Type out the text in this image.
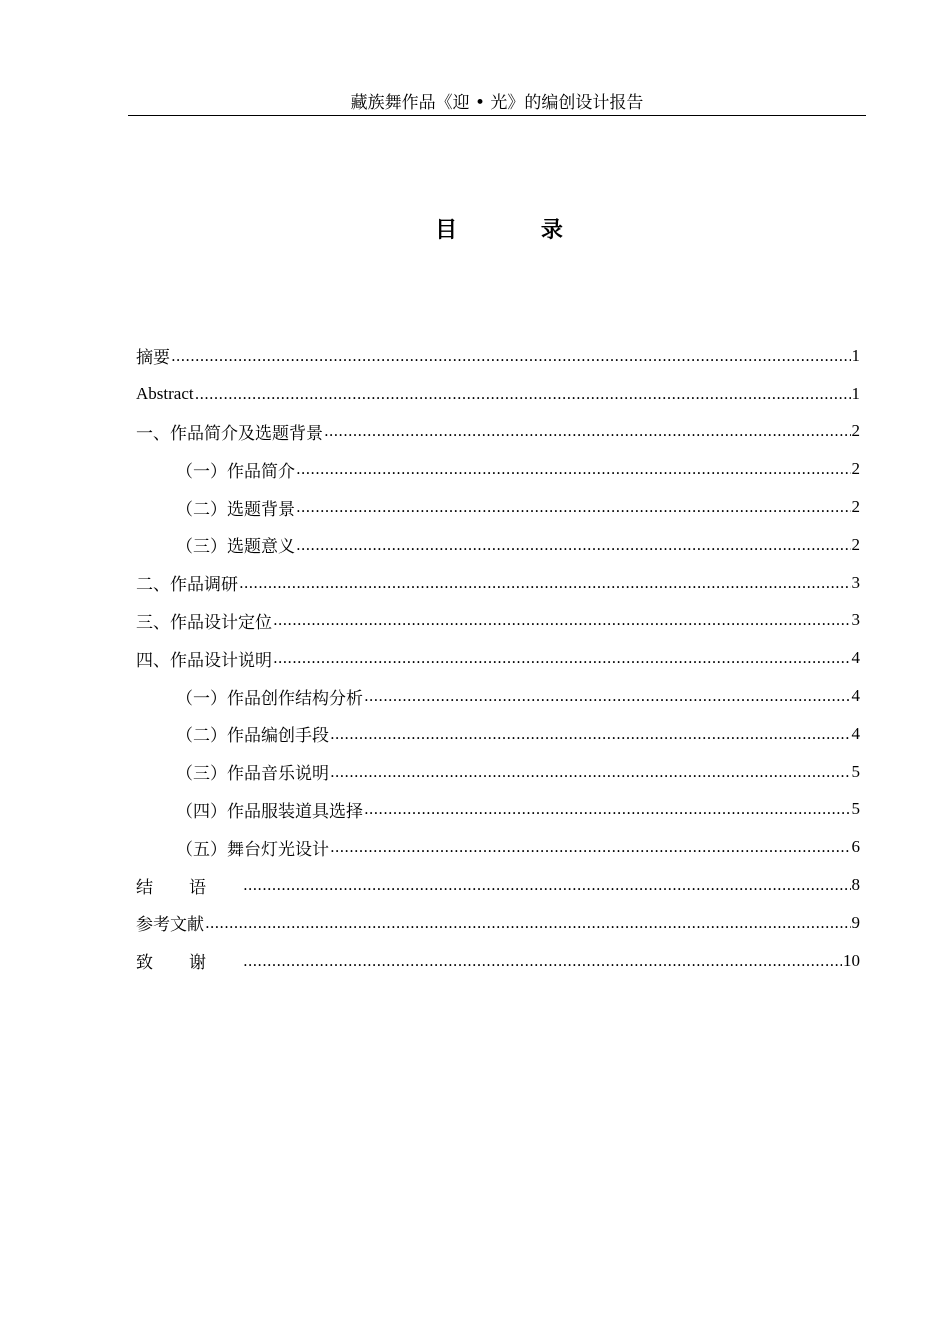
藏族舞作品《迎 • 光》的编创设计报告
目 录
摘要 .....	1
Abstract .....	1
一、作品简介及选题背景 .....	2
（一）作品简介 .....	2
（二）选题背景 .....	2
（三）选题意义 .....	2
二、作品调研 .....	3
三、作品设计定位 .....	3
四、作品设计说明 .....	4
（一）作品创作结构分析 .....	4
（二）作品编创手段 .....	4
（三）作品音乐说明 .....	5
（四）作品服装道具选择 .....	5
（五）舞台灯光设计 .....	6
结语 .....	8
参考文献 .....	9
致谢 .....	10
